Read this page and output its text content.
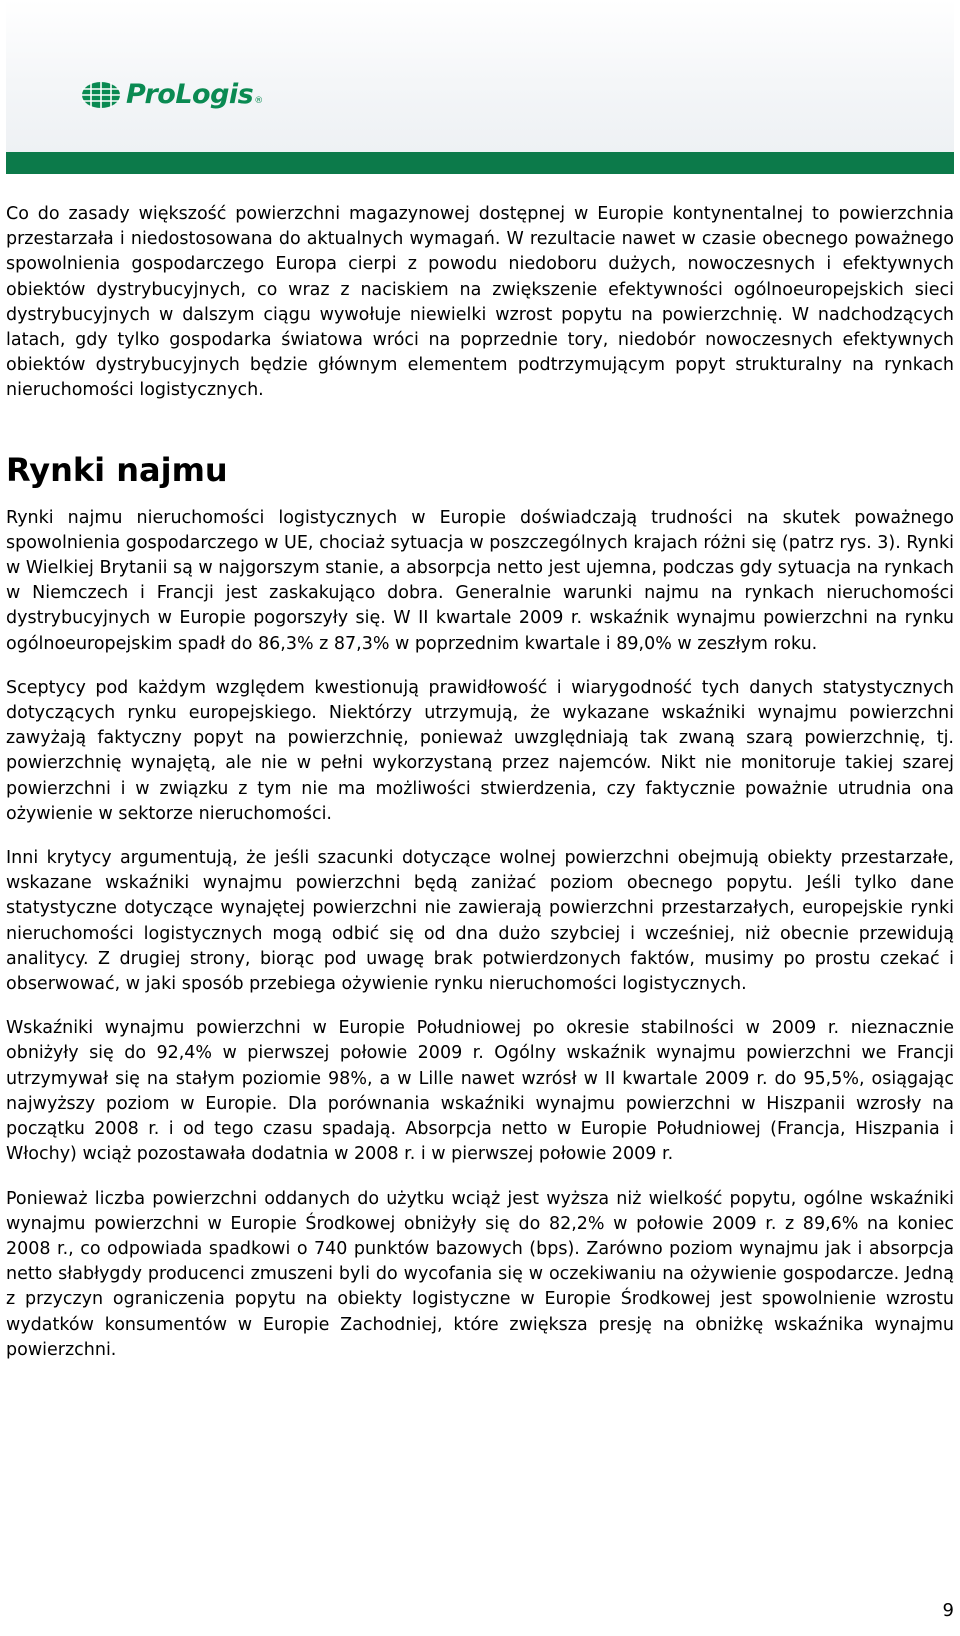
ProLogis ®

Co do zasady większość powierzchni magazynowej dostępnej w Europie kontynentalnej to powierzchnia przestarzała i niedostosowana do aktualnych wymagań. W rezultacie nawet w czasie obecnego poważnego spowolnienia gospodarczego Europa cierpi z powodu niedoboru dużych, nowoczesnych i efektywnych obiektów dystrybucyjnych, co wraz z naciskiem na zwiększenie efektywności ogólnoeuropejskich sieci dystrybucyjnych w dalszym ciągu wywołuje niewielki wzrost popytu na powierzchnię. W nadchodzących latach, gdy tylko gospodarka światowa wróci na poprzednie tory, niedobór nowoczesnych efektywnych obiektów dystrybucyjnych będzie głównym elementem podtrzymującym popyt strukturalny na rynkach nieruchomości logistycznych.

Rynki najmu

Rynki najmu nieruchomości logistycznych w Europie doświadczają trudności na skutek poważnego spowolnienia gospodarczego w UE, chociaż sytuacja w poszczególnych krajach różni się (patrz rys. 3). Rynki w Wielkiej Brytanii są w najgorszym stanie, a absorpcja netto jest ujemna, podczas gdy sytuacja na rynkach w Niemczech i Francji jest zaskakująco dobra. Generalnie warunki najmu na rynkach nieruchomości dystrybucyjnych w Europie pogorszyły się. W II kwartale 2009 r. wskaźnik wynajmu powierzchni na rynku ogólnoeuropejskim spadł do 86,3% z 87,3% w poprzednim kwartale i 89,0% w zeszłym roku.

Sceptycy pod każdym względem kwestionują prawidłowość i wiarygodność tych danych statystycznych dotyczących rynku europejskiego. Niektórzy utrzymują, że wykazane wskaźniki wynajmu powierzchni zawyżają faktyczny popyt na powierzchnię, ponieważ uwzględniają tak zwaną szarą powierzchnię, tj. powierzchnię wynajętą, ale nie w pełni wykorzystaną przez najemców. Nikt nie monitoruje takiej szarej powierzchni i w związku z tym nie ma możliwości stwierdzenia, czy faktycznie poważnie utrudnia ona ożywienie w sektorze nieruchomości.

Inni krytycy argumentują, że jeśli szacunki dotyczące wolnej powierzchni obejmują obiekty przestarzałe, wskazane wskaźniki wynajmu powierzchni będą zaniżać poziom obecnego popytu. Jeśli tylko dane statystyczne dotyczące wynajętej powierzchni nie zawierają powierzchni przestarzałych, europejskie rynki nieruchomości logistycznych mogą odbić się od dna dużo szybciej i wcześniej, niż obecnie przewidują analitycy. Z drugiej strony, biorąc pod uwagę brak potwierdzonych faktów, musimy po prostu czekać i obserwować, w jaki sposób przebiega ożywienie rynku nieruchomości logistycznych.

Wskaźniki wynajmu powierzchni w Europie Południowej po okresie stabilności w 2009 r. nieznacznie obniżyły się do 92,4% w pierwszej połowie 2009 r. Ogólny wskaźnik wynajmu powierzchni we Francji utrzymywał się na stałym poziomie 98%, a w Lille nawet wzrósł w II kwartale 2009 r. do 95,5%, osiągając najwyższy poziom w Europie. Dla porównania wskaźniki wynajmu powierzchni w Hiszpanii wzrosły na początku 2008 r. i od tego czasu spadają. Absorpcja netto w Europie Południowej (Francja, Hiszpania i Włochy) wciąż pozostawała dodatnia w 2008 r. i w pierwszej połowie 2009 r.

Ponieważ liczba powierzchni oddanych do użytku wciąż jest wyższa niż wielkość popytu, ogólne wskaźniki wynajmu powierzchni w Europie Środkowej obniżyły się do 82,2% w połowie 2009 r. z 89,6% na koniec 2008 r., co odpowiada spadkowi o 740 punktów bazowych (bps). Zarówno poziom wynajmu jak i absorpcja netto słabłygdy producenci zmuszeni byli do wycofania się w oczekiwaniu na ożywienie gospodarcze. Jedną z przyczyn ograniczenia popytu na obiekty logistyczne w Europie Środkowej jest spowolnienie wzrostu wydatków konsumentów w Europie Zachodniej, które zwiększa presję na obniżkę wskaźnika wynajmu powierzchni.

9
